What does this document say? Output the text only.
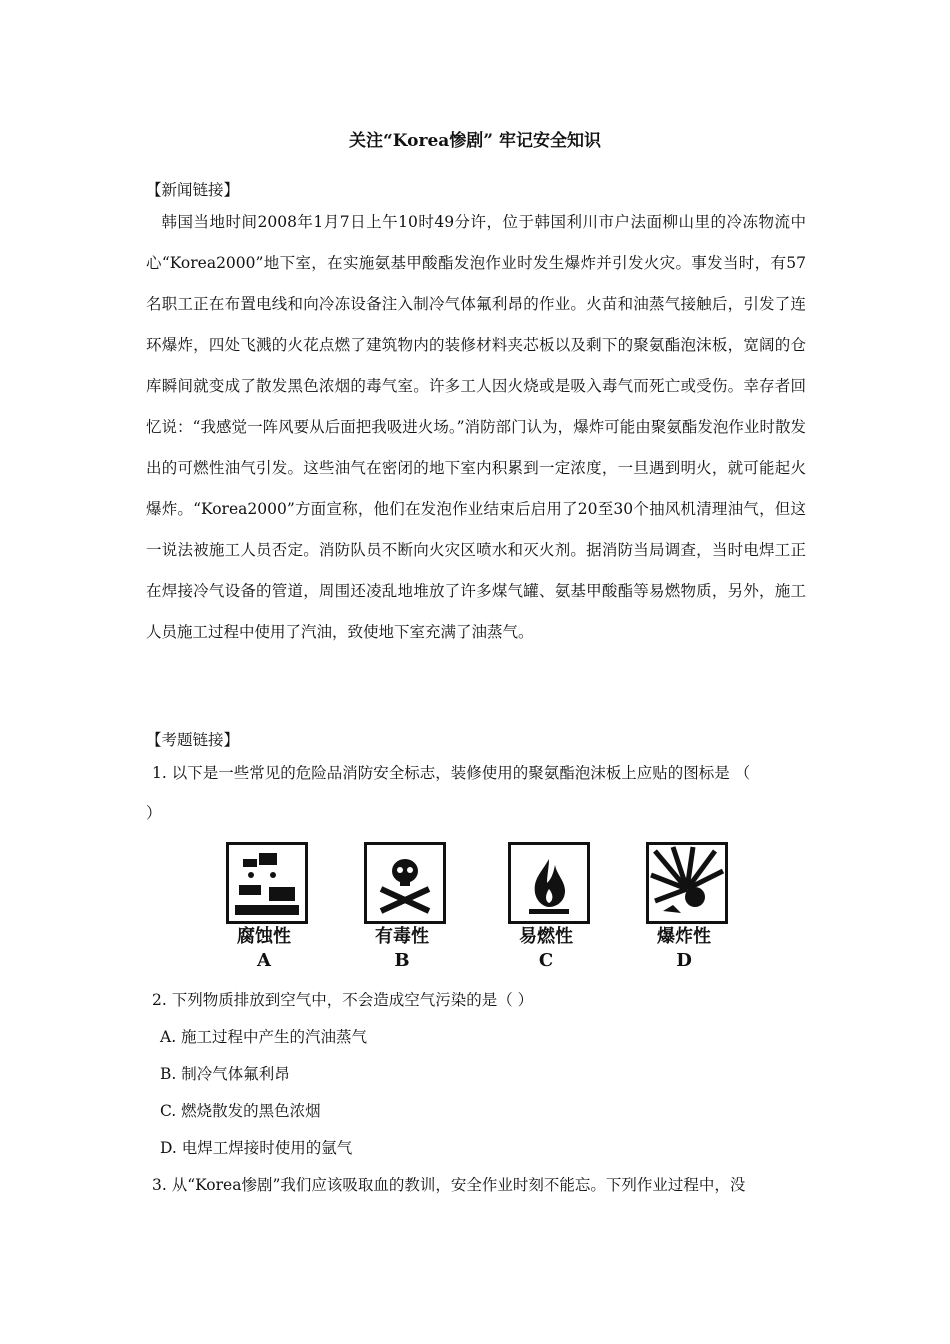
关注“Korea惨剧” 牢记安全知识
【新闻链接】
韩国当地时间2008年1月7日上午10时49分许，位于韩国利川市户法面柳山里的冷冻物流中心“Korea2000”地下室，在实施氨基甲酸酯发泡作业时发生爆炸并引发火灾。事发当时，有57名职工正在布置电线和向冷冻设备注入制冷气体氟利昂的作业。火苗和油蒸气接触后，引发了连环爆炸，四处飞溅的火花点燃了建筑物内的装修材料夹芯板以及剩下的聚氨酯泡沫板，宽阔的仓库瞬间就变成了散发黑色浓烟的毒气室。许多工人因火烧或是吸入毒气而死亡或受伤。幸存者回忆说：“我感觉一阵风要从后面把我吸进火场。”消防部门认为，爆炸可能由聚氨酯发泡作业时散发出的可燃性油气引发。这些油气在密闭的地下室内积累到一定浓度，一旦遇到明火，就可能起火爆炸。“Korea2000”方面宣称，他们在发泡作业结束后启用了20至30个抽风机清理油气，但这一说法被施工人员否定。消防队员不断向火灾区喷水和灭火剂。据消防当局调查，当时电焊工正在焊接冷气设备的管道，周围还凌乱地堆放了许多煤气罐、氨基甲酸酯等易燃物质，另外，施工人员施工过程中使用了汽油，致使地下室充满了油蒸气。
【考题链接】
1. 以下是一些常见的危险品消防安全标志，装修使用的聚氨酯泡沫板上应贴的图标是 （
）
腐蚀性
A
有毒性
B
易燃性
C
爆炸性
D
2. 下列物质排放到空气中，不会造成空气污染的是（ ）
A. 施工过程中产生的汽油蒸气
B. 制冷气体氟利昂
C. 燃烧散发的黑色浓烟
D. 电焊工焊接时使用的氩气
3. 从“Korea惨剧”我们应该吸取血的教训，安全作业时刻不能忘。下列作业过程中，没
